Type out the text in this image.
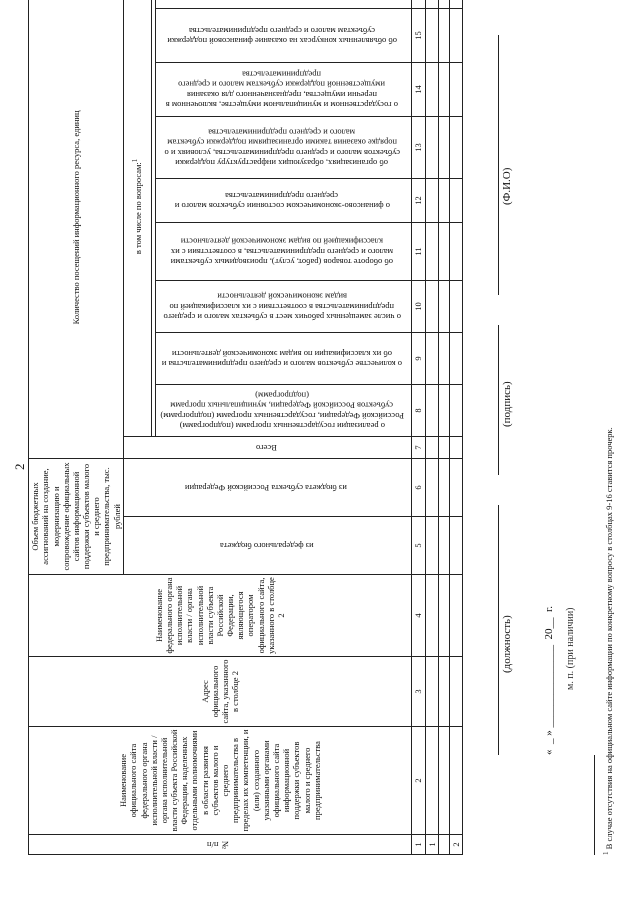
2
№ п/п	Наименование официального сайта федерального органа исполнительной власти / органа исполнительной власти субъекта Российской Федерации, наделенных отдельными полномочиями в области развития субъектов малого и среднего предпринимательства в пределах их компетенции, и (или) созданного указанными органами официального сайта информационной поддержки субъектов малого и среднего предпринимательства	Адрес официального сайта, указанного в столбце 2	Наименование федерального органа исполнительной власти / органа исполнительной власти субъекта Российской Федерации, являющегося оператором официального сайта, указанного в столбце 2	Объем бюджетных ассигнований на создание, модернизацию и сопровождение официальных сайтов информационной поддержки субъектов малого и среднего предпринимательства, тыс. рублей		Количество посещений информационного ресурса, единиц									
				из федерального бюджета	из бюджета субъекта Российской Федерации	Всего	в том числе по вопросам:$^1$

							о реализации государственных программ (подпрограмм) Российской Федерации, государственных программ (подпрограмм) субъектов Российской Федерации, муниципальных программ (подпрограмм)	о количестве субъектов малого и среднего предпринимательства и об их классификации по видам экономической деятельности	о числе замещенных рабочих мест в субъектах малого и среднего предпринимательства в соответствии с их классификацией по видам экономической деятельности	об обороте товаров (работ, услуг), производимых субъектами малого и среднего предпринимательства, в соответствии с их классификацией по видам экономической деятельности	о финансово-экономическом состоянии субъектов малого и среднего предпринимательства	об организациях, образующих инфраструктуру поддержки субъектов малого и среднего предпринимательства, условиях и о порядке оказания такими организациями поддержки субъектам малого и среднего предпринимательства	о государственном и муниципальном имуществе, включенном в перечни имущества, предназначенного для оказания имущественной поддержки субъектам малого и среднего предпринимательства	об объявленных конкурсах на оказание финансовой поддержки субъектам малого и среднего предпринимательства	
1	2	3	4	5	6	7	8	9	10	11	12	13	14	15	
1															

2															
(должность)
(подпись)
(Ф.И.О)
«  _ » _______________  20__  г. м. п. (при наличии)
$^1$ В случае отсутствия на официальном сайте информации по конкретному вопросу в столбцах 9-16 ставится прочерк.
